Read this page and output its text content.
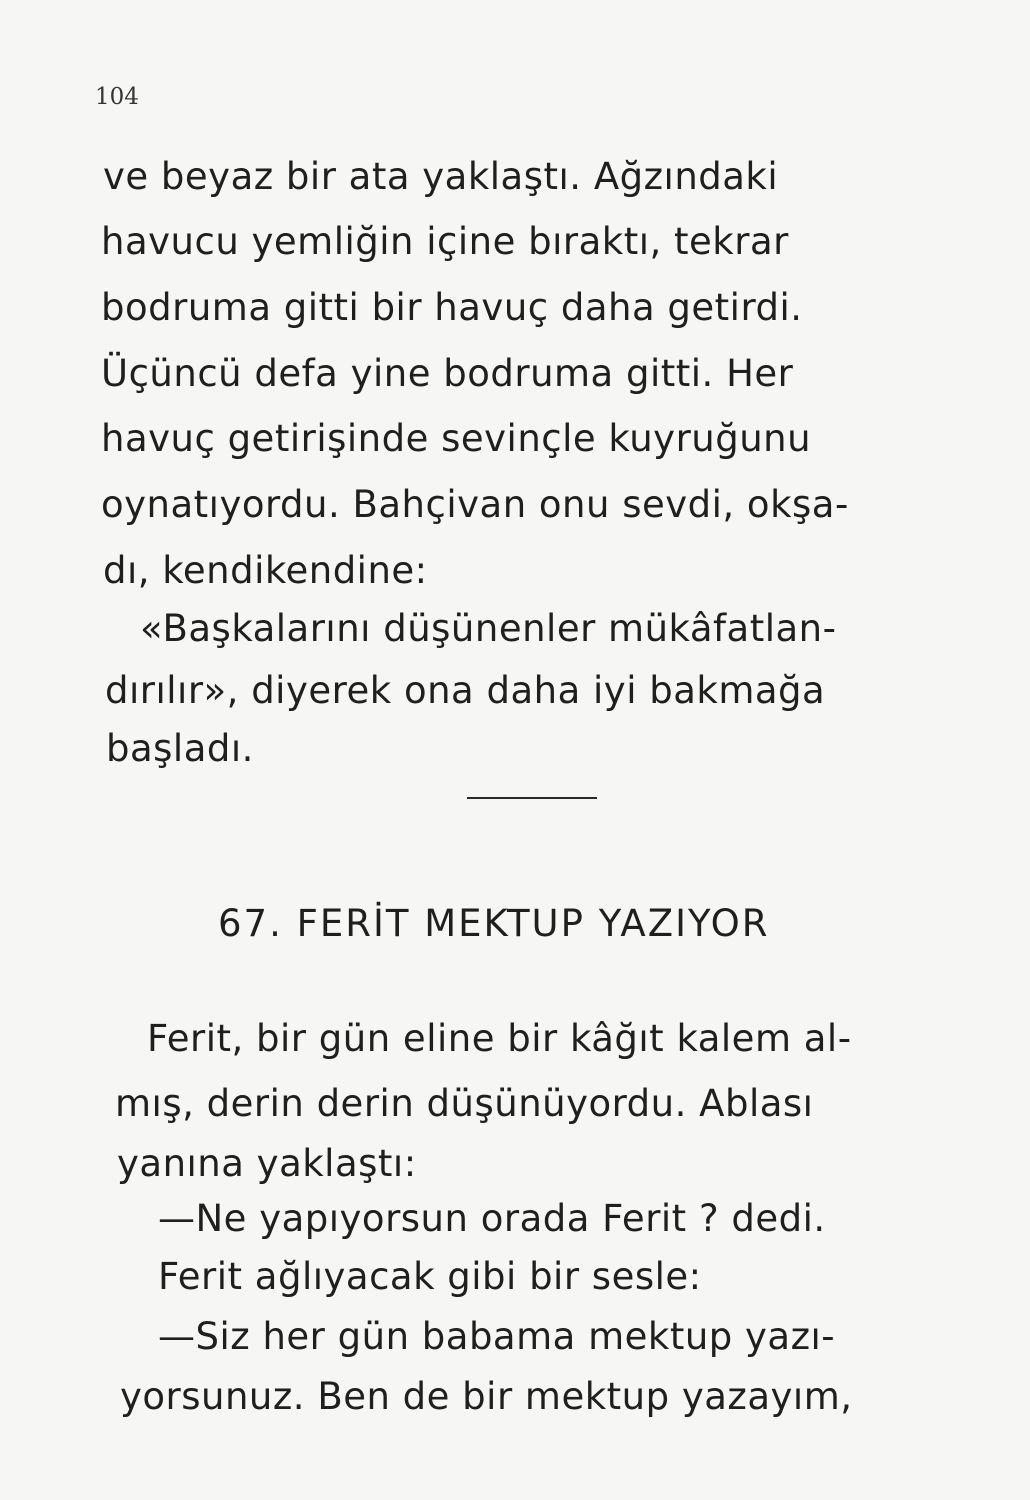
104
ve beyaz bir ata yaklaştı. Ağzındaki
havucu yemliğin içine bıraktı, tekrar
bodruma gitti bir havuç daha getirdi.
Üçüncü defa yine bodruma gitti. Her
havuç getirişinde sevinçle kuyruğunu
oynatıyordu. Bahçivan onu sevdi, okşa-
dı, kendikendine:
«Başkalarını düşünenler mükâfatlan-
dırılır», diyerek ona daha iyi bakmağa
başladı.
67. FERİT MEKTUP YAZIYOR
Ferit, bir gün eline bir kâğıt kalem al-
mış, derin derin düşünüyordu. Ablası
yanına yaklaştı:
—Ne yapıyorsun orada Ferit ? dedi.
Ferit ağlıyacak gibi bir sesle:
—Siz her gün babama mektup yazı-
yorsunuz. Ben de bir mektup yazayım,
